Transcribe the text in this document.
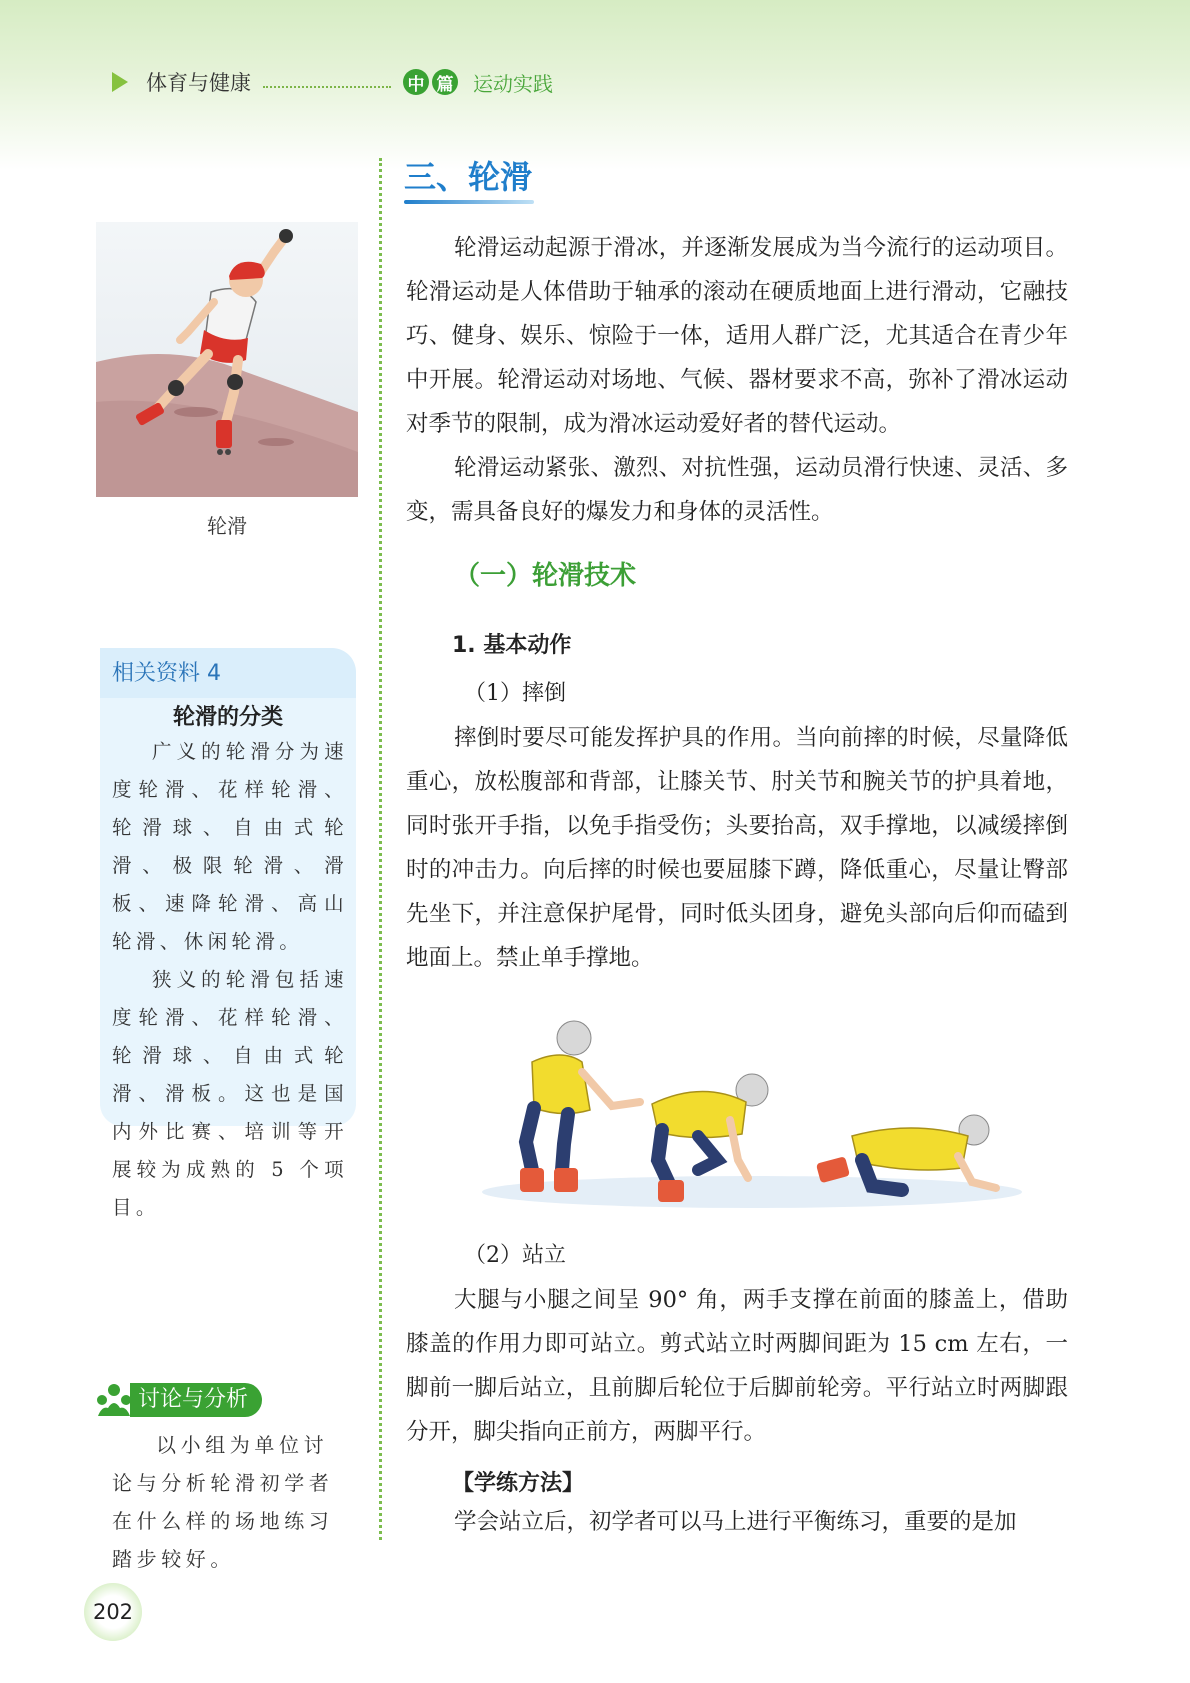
体育与健康	中 篇 运动实践
轮滑
相关资料 4
轮滑的分类

广义的轮滑分为速度轮滑、花样轮滑、轮滑球、自由式轮滑、极限轮滑、滑板、速降轮滑、高山轮滑、休闲轮滑。

狭义的轮滑包括速度轮滑、花样轮滑、轮滑球、自由式轮滑、滑板。这也是国内外比赛、培训等开展较为成熟的 5 个项目。

讨论与分析

以小组为单位讨论与分析轮滑初学者在什么样的场地练习踏步较好。

三、轮滑

轮滑运动起源于滑冰，并逐渐发展成为当今流行的运动项目。轮滑运动是人体借助于轴承的滚动在硬质地面上进行滑动，它融技巧、健身、娱乐、惊险于一体，适用人群广泛，尤其适合在青少年中开展。轮滑运动对场地、气候、器材要求不高，弥补了滑冰运动对季节的限制，成为滑冰运动爱好者的替代运动。

轮滑运动紧张、激烈、对抗性强，运动员滑行快速、灵活、多变，需具备良好的爆发力和身体的灵活性。

（一）轮滑技术
1. 基本动作
（1）摔倒

摔倒时要尽可能发挥护具的作用。当向前摔的时候，尽量降低重心，放松腹部和背部，让膝关节、肘关节和腕关节的护具着地，同时张开手指，以免手指受伤；头要抬高，双手撑地，以减缓摔倒时的冲击力。向后摔的时候也要屈膝下蹲，降低重心，尽量让臀部先坐下，并注意保护尾骨，同时低头团身，避免头部向后仰而磕到地面上。禁止单手撑地。

（2）站立

大腿与小腿之间呈 90° 角，两手支撑在前面的膝盖上，借助膝盖的作用力即可站立。剪式站立时两脚间距为 15 cm 左右，一脚前一脚后站立，且前脚后轮位于后脚前轮旁。平行站立时两脚跟分开，脚尖指向正前方，两脚平行。

【学练方法】

学会站立后，初学者可以马上进行平衡练习，重要的是加

202
